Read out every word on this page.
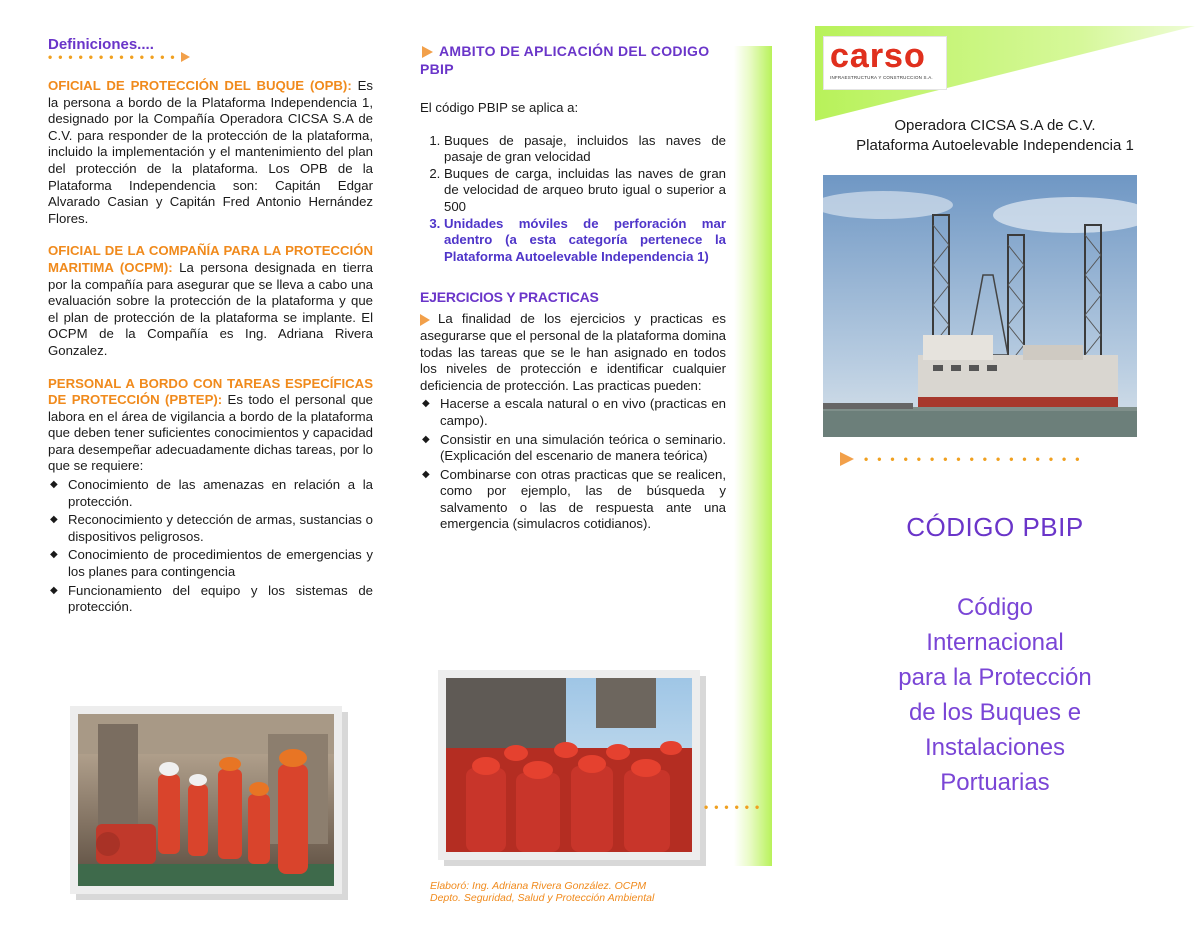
Definiciones....
•••••••••••••

OFICIAL DE PROTECCIÓN DEL BUQUE (OPB): Es la persona a bordo de la Plataforma Independencia 1, designado por la Compañía Operadora CICSA S.A de C.V. para responder de la protección de la plataforma, incluido la implementación y el mantenimiento del plan del protección de la plataforma. Los OPB de la Plataforma Independencia son: Capitán Edgar Alvarado Casian y Capitán Fred Antonio Hernández Flores.

OFICIAL DE LA COMPAÑÍA PARA LA PROTECCIÓN MARITIMA (OCPM): La persona designada en tierra por la compañía para asegurar que se lleva a cabo una evaluación sobre la protección de la plataforma y que el plan de protección de la plataforma se implante. El OCPM de la Compañía es Ing. Adriana Rivera Gonzalez.

PERSONAL A BORDO CON TAREAS ESPECÍFICAS DE PROTECCIÓN (PBTEP): Es todo el personal que labora en el área de vigilancia a bordo de la plataforma que deben tener suficientes conocimientos y capacidad para desempeñar adecuadamente dichas tareas, por lo que se requiere:

◆ Conocimiento de las amenazas en relación a la protección.
◆ Reconocimiento y detección de armas, sustancias o dispositivos peligrosos.
◆ Conocimiento de procedimientos de emergencias y los planes para contingencia
◆ Funcionamiento del equipo y los sistemas de protección.
AMBITO DE APLICACIÓN DEL CODIGO PBIP

El código PBIP se aplica a:

1. Buques de pasaje, incluidos las naves de pasaje de gran velocidad
2. Buques de carga, incluidas las naves de gran de velocidad de arqueo bruto igual o superior a 500
3. Unidades móviles de perforación mar adentro (a esta categoría pertenece la Plataforma Autoelevable Independencia 1)
EJERCICIOS Y PRACTICAS

La finalidad de los ejercicios y practicas es asegurarse que el personal de la plataforma domina todas las tareas que se le han asignado en todos los niveles de protección e identificar cualquier deficiencia de protección. Las practicas pueden:

◆ Hacerse a escala natural o en vivo (practicas en campo).
◆ Consistir en una simulación teórica o seminario. (Explicación del escenario de manera teórica)
◆ Combinarse con otras practicas que se realicen, como por ejemplo, las de búsqueda y salvamento o las de respuesta ante una emergencia (simulacros cotidianos).
••••••
Elaboró: Ing. Adriana Rivera González. OCPM
Depto. Seguridad, Salud y Protección Ambiental
carso
INFRAESTRUCTURA Y CONSTRUCCION S.A.
Operadora CICSA S.A de C.V.
Plataforma Autoelevable Independencia 1
•••••••••••••••••
CÓDIGO PBIP
Código
Internacional
para la Protección
de los Buques e
Instalaciones
Portuarias
